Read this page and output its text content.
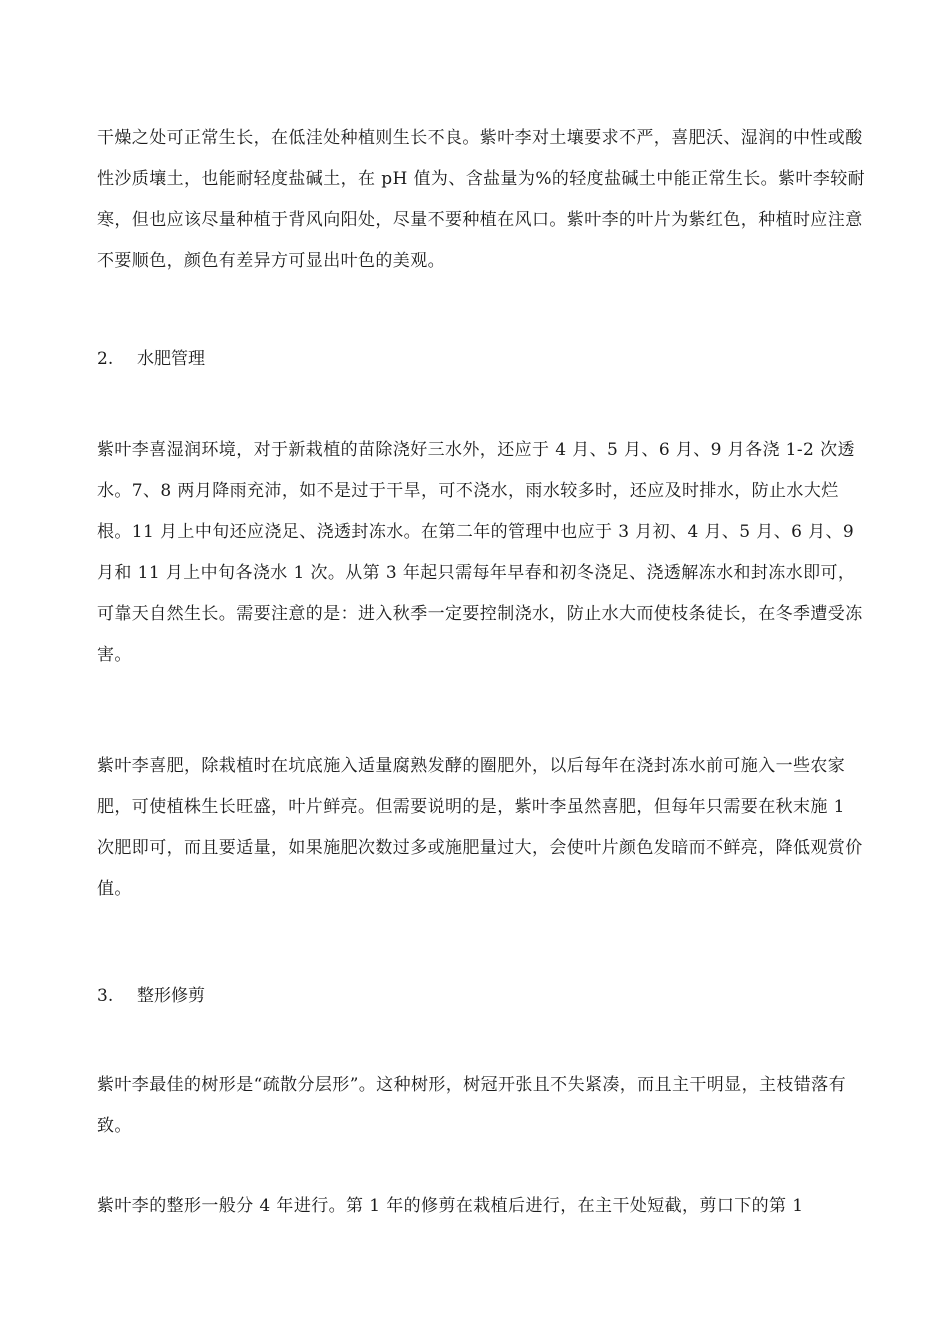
干燥之处可正常生长，在低洼处种植则生长不良。紫叶李对土壤要求不严，喜肥沃、湿润的中性或酸性沙质壤土，也能耐轻度盐碱土，在 pH 值为、含盐量为%的轻度盐碱土中能正常生长。紫叶李较耐寒，但也应该尽量种植于背风向阳处，尽量不要种植在风口。紫叶李的叶片为紫红色，种植时应注意不要顺色，颜色有差异方可显出叶色的美观。

2. 水肥管理

紫叶李喜湿润环境，对于新栽植的苗除浇好三水外，还应于 4 月、5 月、6 月、9 月各浇 1-2 次透水。7、8 两月降雨充沛，如不是过于干旱，可不浇水，雨水较多时，还应及时排水，防止水大烂根。11 月上中旬还应浇足、浇透封冻水。在第二年的管理中也应于 3 月初、4 月、5 月、6 月、9 月和 11 月上中旬各浇水 1 次。从第 3 年起只需每年早春和初冬浇足、浇透解冻水和封冻水即可，可靠天自然生长。需要注意的是：进入秋季一定要控制浇水，防止水大而使枝条徒长，在冬季遭受冻害。

紫叶李喜肥，除栽植时在坑底施入适量腐熟发酵的圈肥外，以后每年在浇封冻水前可施入一些农家肥，可使植株生长旺盛，叶片鲜亮。但需要说明的是，紫叶李虽然喜肥，但每年只需要在秋末施 1 次肥即可，而且要适量，如果施肥次数过多或施肥量过大，会使叶片颜色发暗而不鲜亮，降低观赏价值。

3. 整形修剪

紫叶李最佳的树形是“疏散分层形”。这种树形，树冠开张且不失紧凑，而且主干明显，主枝错落有致。

紫叶李的整形一般分 4 年进行。第 1 年的修剪在栽植后进行，在主干处短截，剪口下的第 1
